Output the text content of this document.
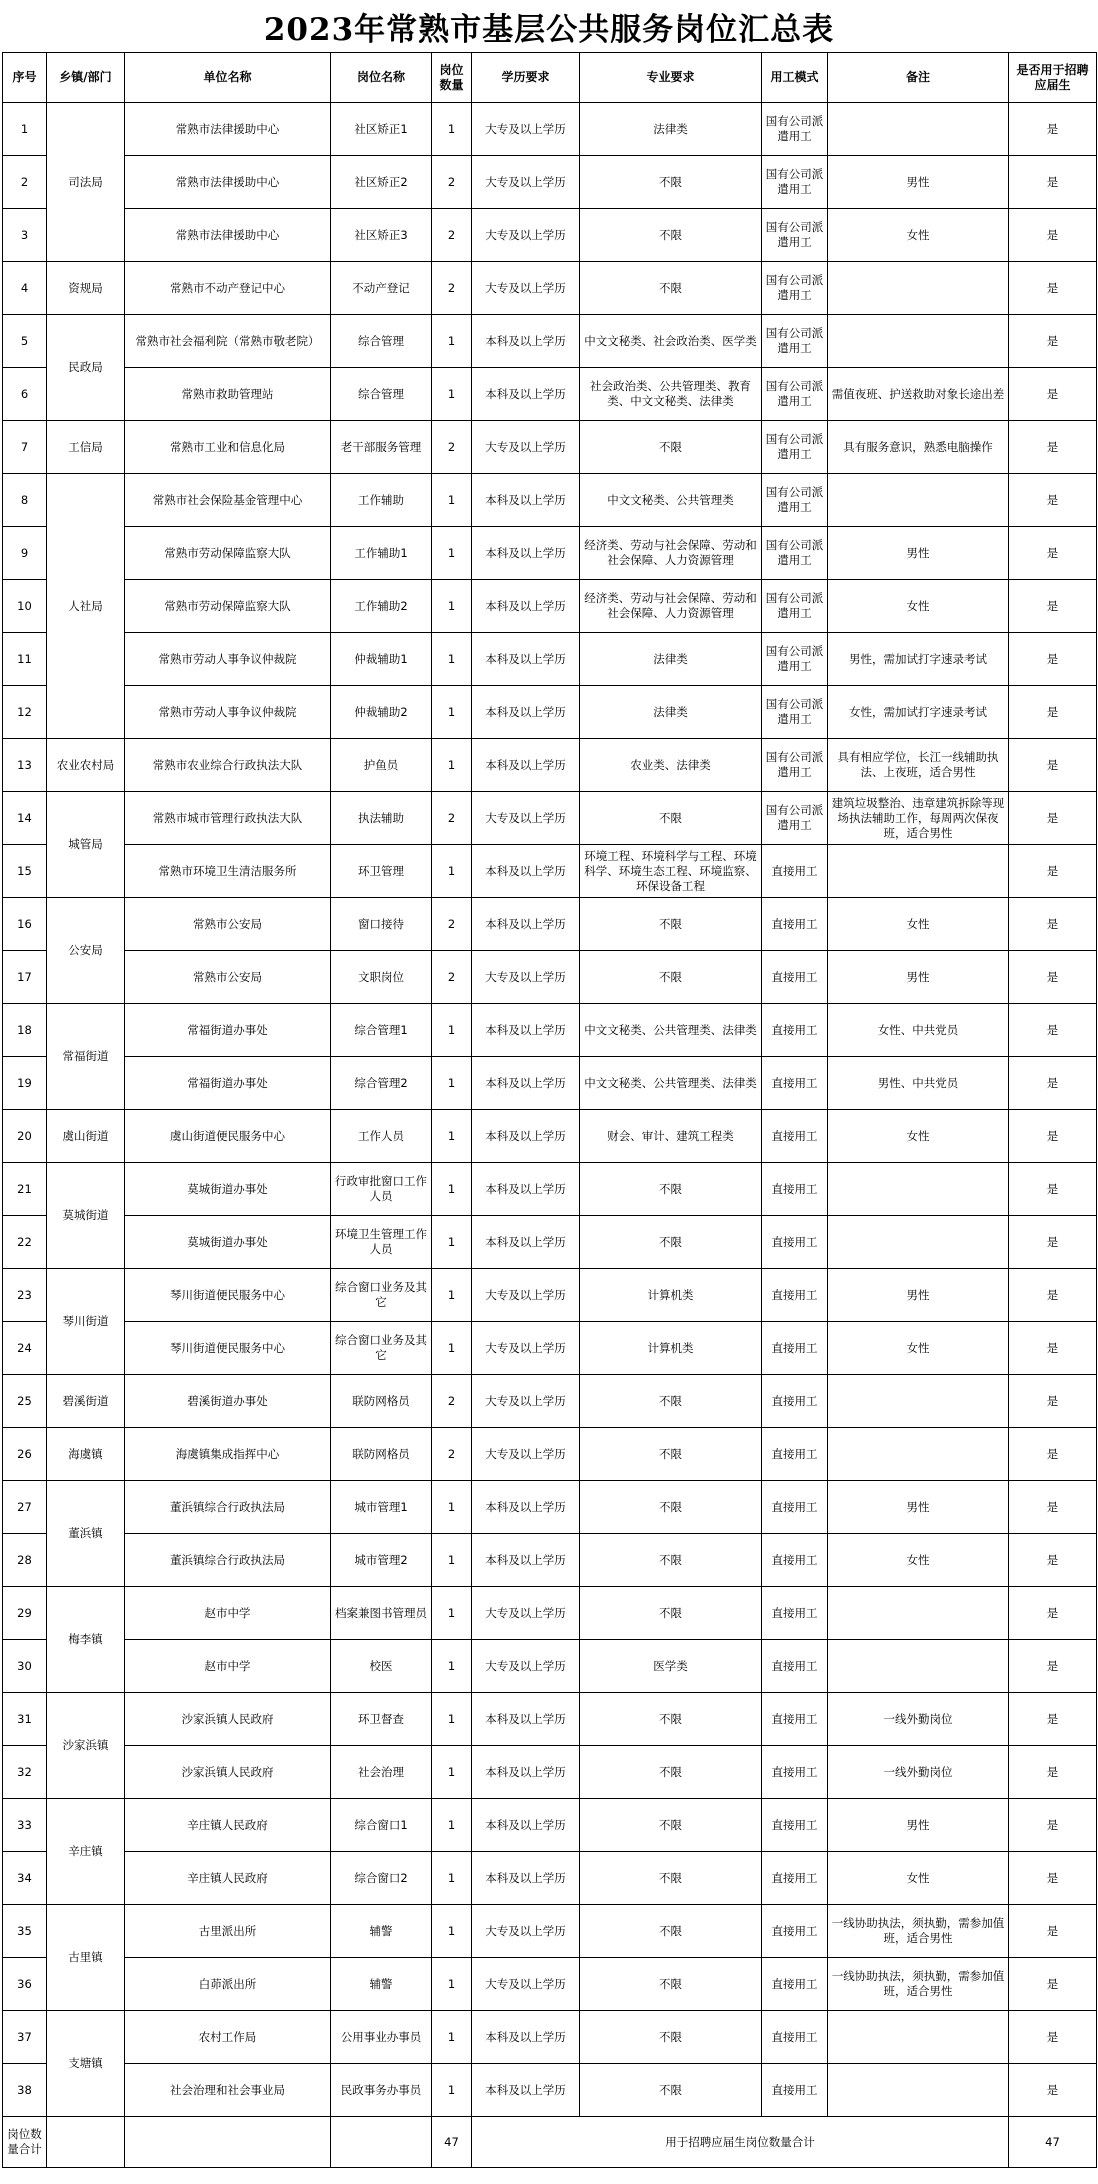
2023年常熟市基层公共服务岗位汇总表
序号	乡镇/部门	单位名称	岗位名称	岗位数量	学历要求	专业要求	用工模式	备注	是否用于招聘应届生
1	司法局	常熟市法律援助中心	社区矫正1	1	大专及以上学历	法律类	国有公司派遣用工		是
2		常熟市法律援助中心	社区矫正2	2	大专及以上学历	不限	国有公司派遣用工	男性	是
3		常熟市法律援助中心	社区矫正3	2	大专及以上学历	不限	国有公司派遣用工	女性	是
4	资规局	常熟市不动产登记中心	不动产登记	2	大专及以上学历	不限	国有公司派遣用工		是
5	民政局	常熟市社会福利院（常熟市敬老院）	综合管理	1	本科及以上学历	中文文秘类、社会政治类、医学类	国有公司派遣用工		是
6		常熟市救助管理站	综合管理	1	本科及以上学历	社会政治类、公共管理类、教育类、中文文秘类、法律类	国有公司派遣用工	需值夜班、护送救助对象长途出差	是
7	工信局	常熟市工业和信息化局	老干部服务管理	2	大专及以上学历	不限	国有公司派遣用工	具有服务意识，熟悉电脑操作	是
8	人社局	常熟市社会保险基金管理中心	工作辅助	1	本科及以上学历	中文文秘类、公共管理类	国有公司派遣用工		是
9		常熟市劳动保障监察大队	工作辅助1	1	本科及以上学历	经济类、劳动与社会保障、劳动和社会保障、人力资源管理	国有公司派遣用工	男性	是
10		常熟市劳动保障监察大队	工作辅助2	1	本科及以上学历	经济类、劳动与社会保障、劳动和社会保障、人力资源管理	国有公司派遣用工	女性	是
11		常熟市劳动人事争议仲裁院	仲裁辅助1	1	本科及以上学历	法律类	国有公司派遣用工	男性，需加试打字速录考试	是
12		常熟市劳动人事争议仲裁院	仲裁辅助2	1	本科及以上学历	法律类	国有公司派遣用工	女性，需加试打字速录考试	是
13	农业农村局	常熟市农业综合行政执法大队	护鱼员	1	本科及以上学历	农业类、法律类	国有公司派遣用工	具有相应学位，长江一线辅助执法、上夜班，适合男性	是
14	城管局	常熟市城市管理行政执法大队	执法辅助	2	大专及以上学历	不限	国有公司派遣用工	建筑垃圾整治、违章建筑拆除等现场执法辅助工作，每周两次保夜班，适合男性	是
15		常熟市环境卫生清洁服务所	环卫管理	1	本科及以上学历	环境工程、环境科学与工程、环境科学、环境生态工程、环境监察、环保设备工程	直接用工		是
16	公安局	常熟市公安局	窗口接待	2	本科及以上学历	不限	直接用工	女性	是
17		常熟市公安局	文职岗位	2	大专及以上学历	不限	直接用工	男性	是
18	常福街道	常福街道办事处	综合管理1	1	本科及以上学历	中文文秘类、公共管理类、法律类	直接用工	女性、中共党员	是
19		常福街道办事处	综合管理2	1	本科及以上学历	中文文秘类、公共管理类、法律类	直接用工	男性、中共党员	是
20	虞山街道	虞山街道便民服务中心	工作人员	1	本科及以上学历	财会、审计、建筑工程类	直接用工	女性	是
21	莫城街道	莫城街道办事处	行政审批窗口工作人员	1	本科及以上学历	不限	直接用工		是
22		莫城街道办事处	环境卫生管理工作人员	1	本科及以上学历	不限	直接用工		是
23	琴川街道	琴川街道便民服务中心	综合窗口业务及其它	1	大专及以上学历	计算机类	直接用工	男性	是
24		琴川街道便民服务中心	综合窗口业务及其它	1	大专及以上学历	计算机类	直接用工	女性	是
25	碧溪街道	碧溪街道办事处	联防网格员	2	大专及以上学历	不限	直接用工		是
26	海虞镇	海虞镇集成指挥中心	联防网格员	2	大专及以上学历	不限	直接用工		是
27	董浜镇	董浜镇综合行政执法局	城市管理1	1	本科及以上学历	不限	直接用工	男性	是
28		董浜镇综合行政执法局	城市管理2	1	本科及以上学历	不限	直接用工	女性	是
29	梅李镇	赵市中学	档案兼图书管理员	1	大专及以上学历	不限	直接用工		是
30		赵市中学	校医	1	大专及以上学历	医学类	直接用工		是
31	沙家浜镇	沙家浜镇人民政府	环卫督查	1	本科及以上学历	不限	直接用工	一线外勤岗位	是
32		沙家浜镇人民政府	社会治理	1	本科及以上学历	不限	直接用工	一线外勤岗位	是
33	辛庄镇	辛庄镇人民政府	综合窗口1	1	本科及以上学历	不限	直接用工	男性	是
34		辛庄镇人民政府	综合窗口2	1	本科及以上学历	不限	直接用工	女性	是
35	古里镇	古里派出所	辅警	1	大专及以上学历	不限	直接用工	一线协助执法，须执勤，需参加值班，适合男性	是
36		白茆派出所	辅警	1	大专及以上学历	不限	直接用工	一线协助执法，须执勤，需参加值班，适合男性	是
37	支塘镇	农村工作局	公用事业办事员	1	本科及以上学历	不限	直接用工		是
38		社会治理和社会事业局	民政事务办事员	1	本科及以上学历	不限	直接用工		是
岗位数量合计				47	用于招聘应届生岗位数量合计				47
